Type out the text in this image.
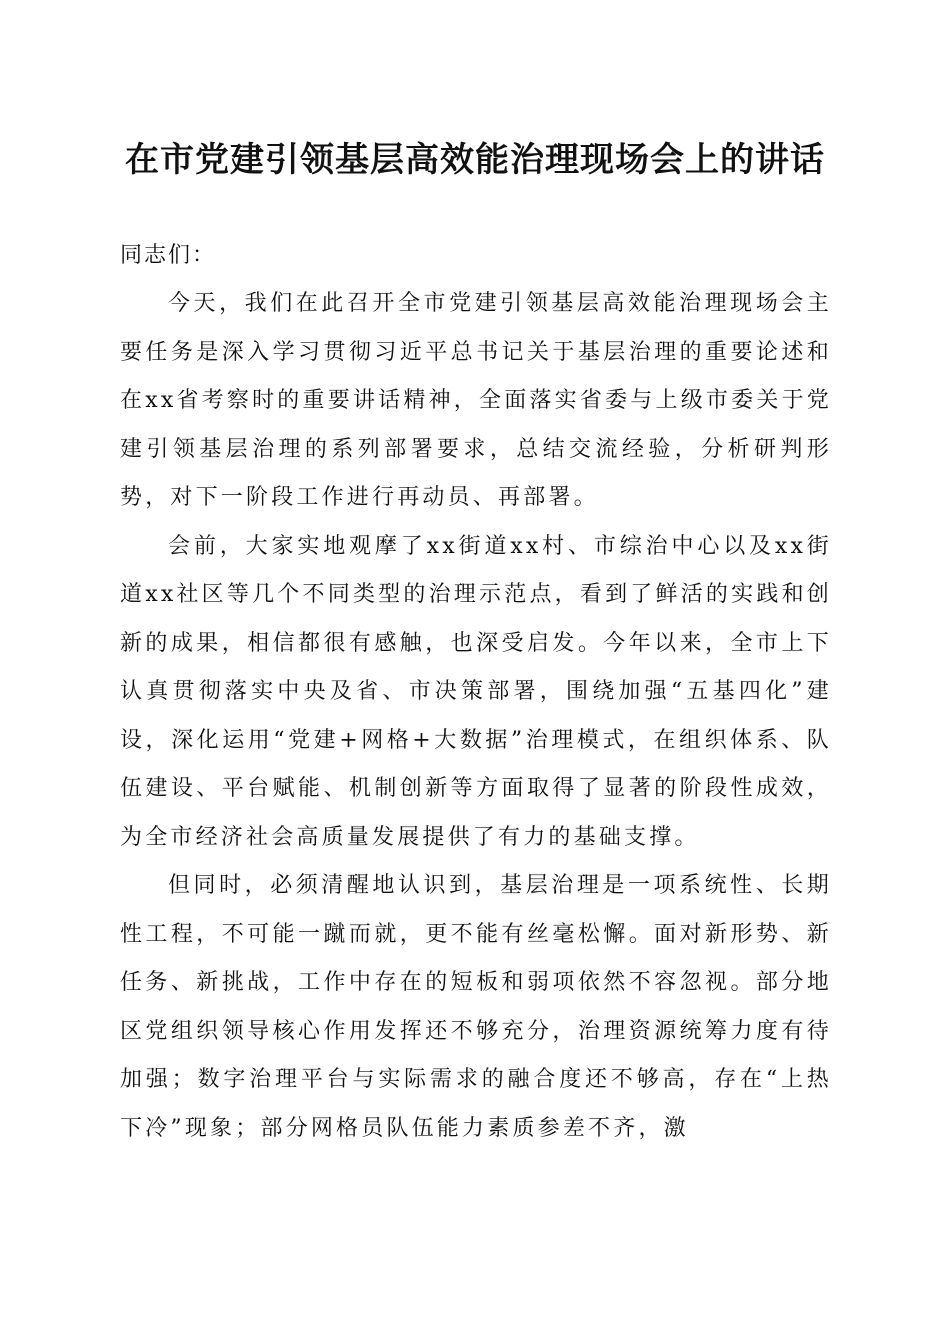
在市党建引领基层高效能治理现场会上的讲话

同志们：

今天，我们在此召开全市党建引领基层高效能治理现场会主要任务是深入学习贯彻习近平总书记关于基层治理的重要论述和在xx省考察时的重要讲话精神，全面落实省委与上级市委关于党建引领基层治理的系列部署要求，总结交流经验，分析研判形势，对下一阶段工作进行再动员、再部署。

会前，大家实地观摩了xx街道xx村、市综治中心以及xx街道xx社区等几个不同类型的治理示范点，看到了鲜活的实践和创新的成果，相信都很有感触，也深受启发。今年以来，全市上下认真贯彻落实中央及省、市决策部署，围绕加强“五基四化”建设，深化运用“党建+网格+大数据”治理模式，在组织体系、队伍建设、平台赋能、机制创新等方面取得了显著的阶段性成效，为全市经济社会高质量发展提供了有力的基础支撑。

但同时，必须清醒地认识到，基层治理是一项系统性、长期性工程，不可能一蹴而就，更不能有丝毫松懈。面对新形势、新任务、新挑战，工作中存在的短板和弱项依然不容忽视。部分地区党组织领导核心作用发挥还不够充分，治理资源统筹力度有待加强；数字治理平台与实际需求的融合度还不够高，存在“上热下冷”现象；部分网格员队伍能力素质参差不齐，激
